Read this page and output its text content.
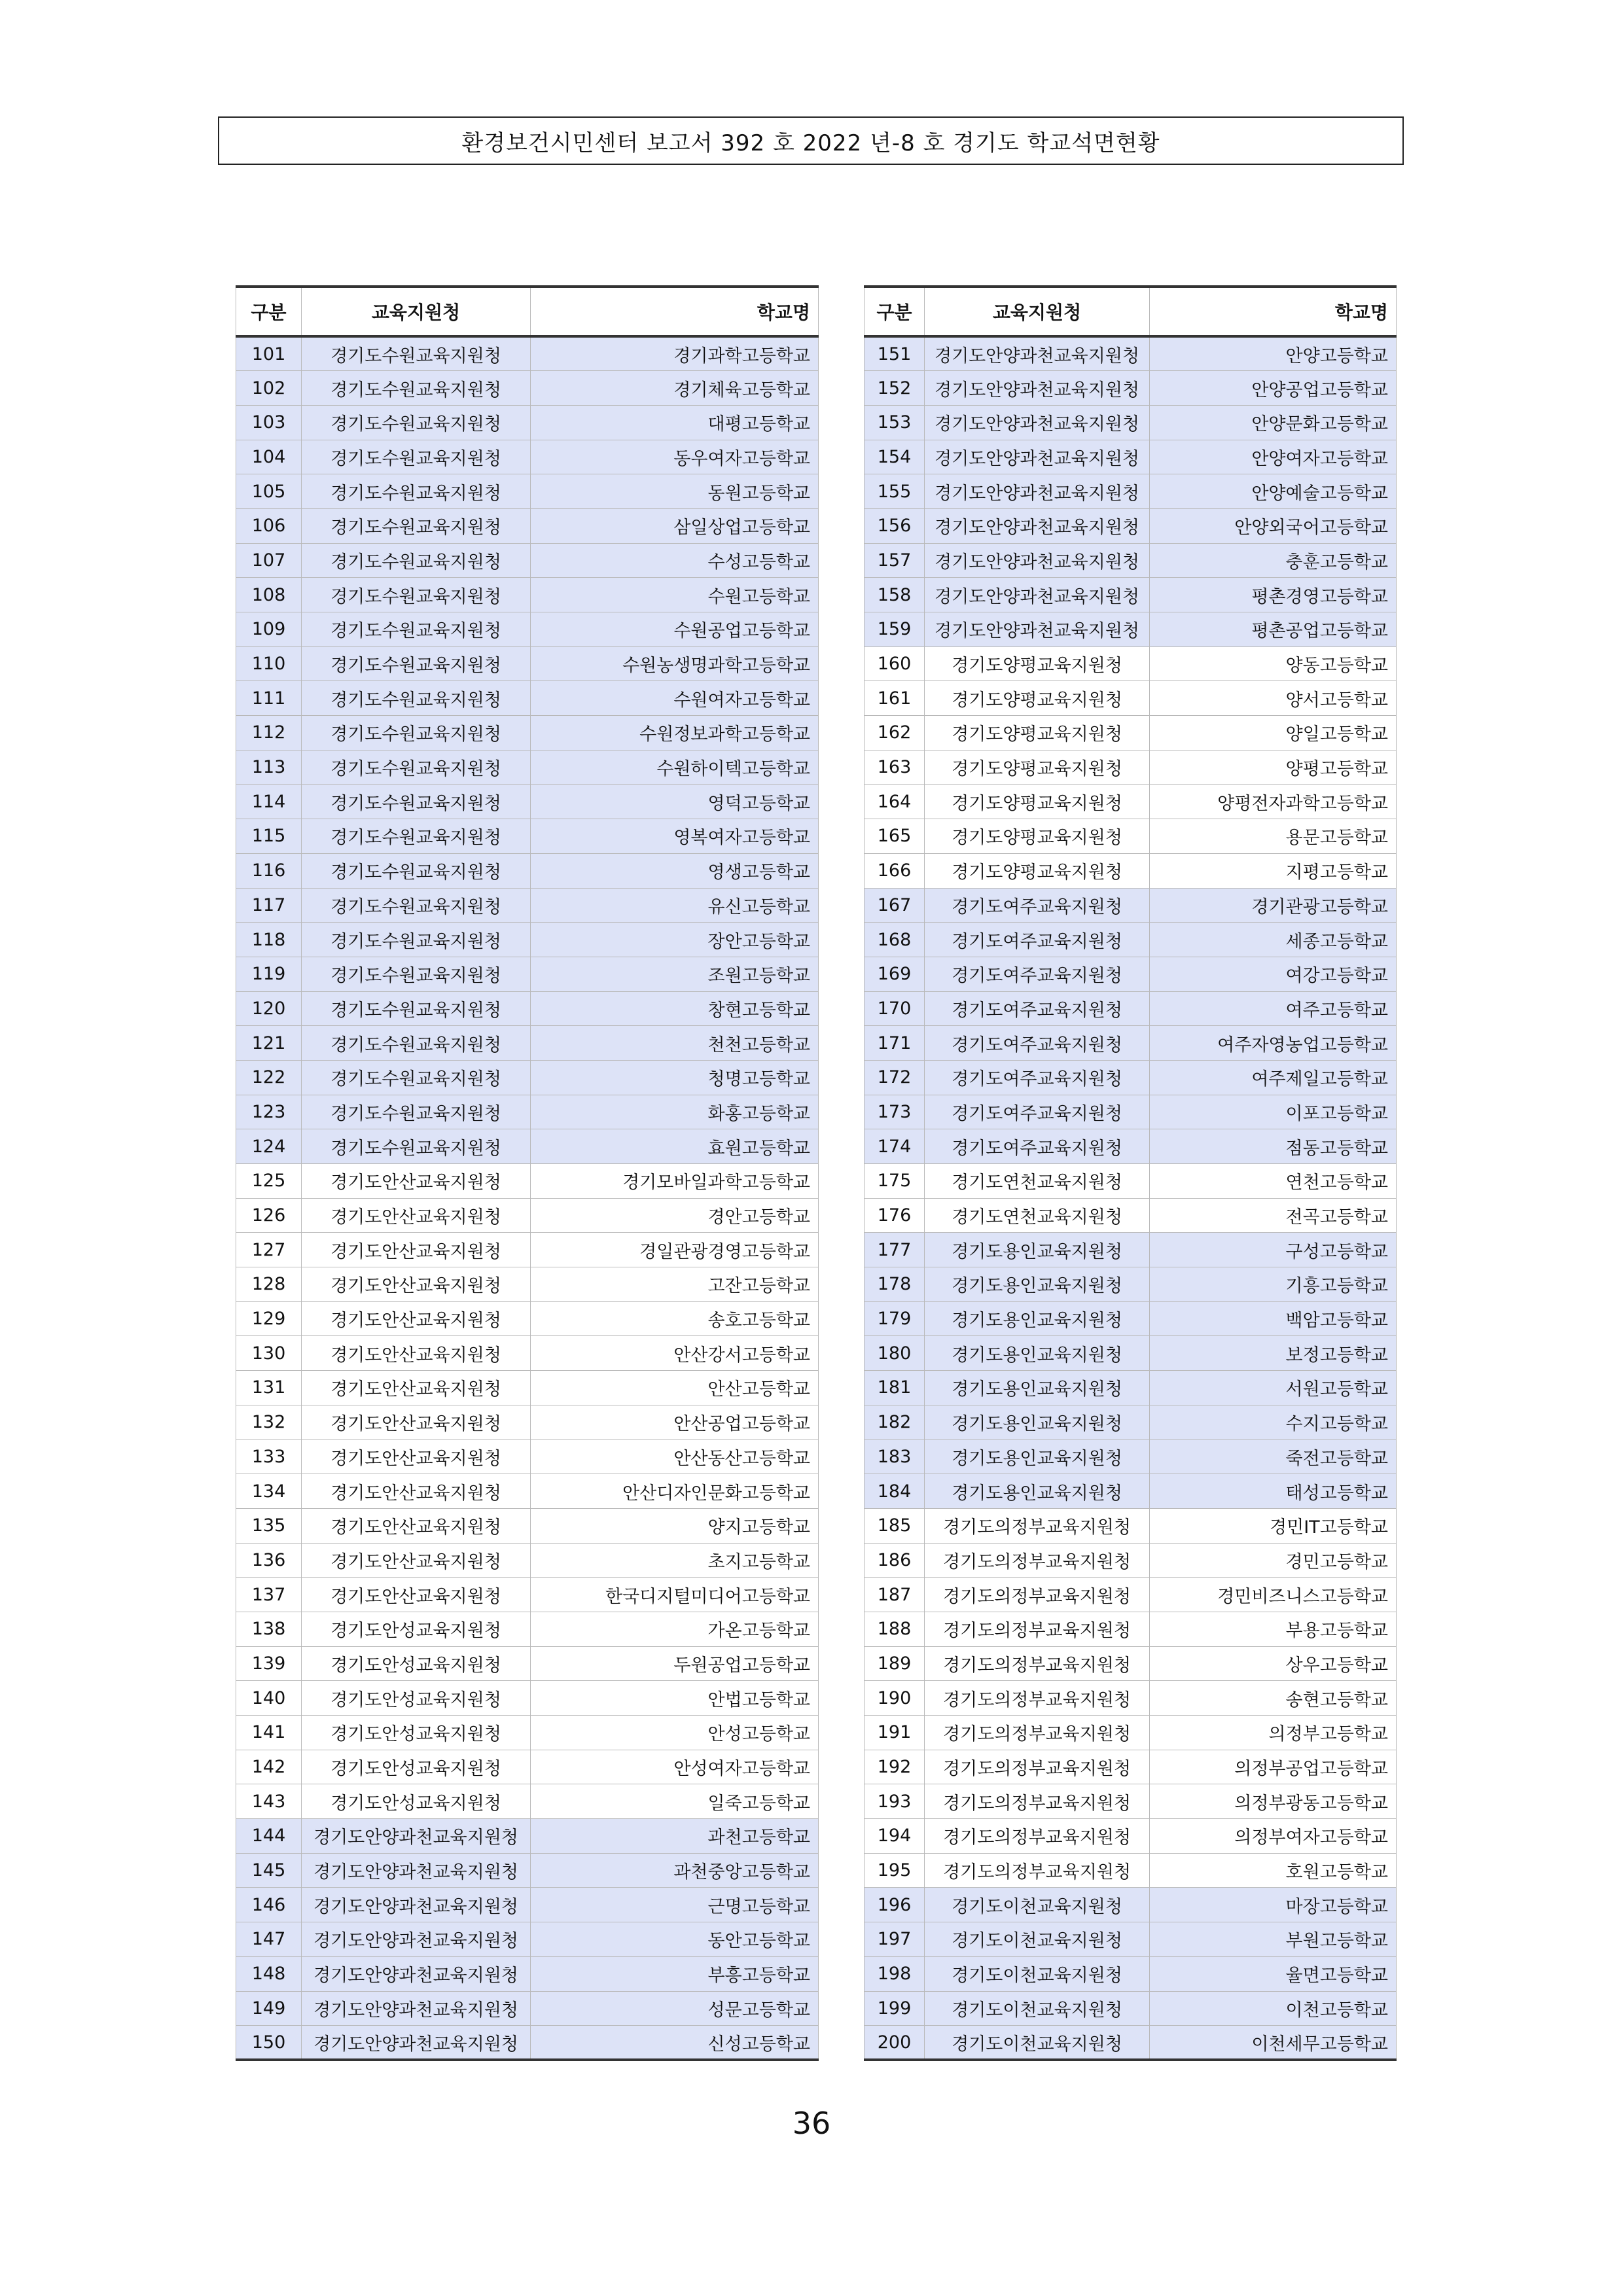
환경보건시민센터 보고서 392 호 2022 년-8 호 경기도 학교석면현황
구분	교육지원청	학교명
101	경기도수원교육지원청	경기과학고등학교
102	경기도수원교육지원청	경기체육고등학교
103	경기도수원교육지원청	대평고등학교
104	경기도수원교육지원청	동우여자고등학교
105	경기도수원교육지원청	동원고등학교
106	경기도수원교육지원청	삼일상업고등학교
107	경기도수원교육지원청	수성고등학교
108	경기도수원교육지원청	수원고등학교
109	경기도수원교육지원청	수원공업고등학교
110	경기도수원교육지원청	수원농생명과학고등학교
111	경기도수원교육지원청	수원여자고등학교
112	경기도수원교육지원청	수원정보과학고등학교
113	경기도수원교육지원청	수원하이텍고등학교
114	경기도수원교육지원청	영덕고등학교
115	경기도수원교육지원청	영복여자고등학교
116	경기도수원교육지원청	영생고등학교
117	경기도수원교육지원청	유신고등학교
118	경기도수원교육지원청	장안고등학교
119	경기도수원교육지원청	조원고등학교
120	경기도수원교육지원청	창현고등학교
121	경기도수원교육지원청	천천고등학교
122	경기도수원교육지원청	청명고등학교
123	경기도수원교육지원청	화홍고등학교
124	경기도수원교육지원청	효원고등학교
125	경기도안산교육지원청	경기모바일과학고등학교
126	경기도안산교육지원청	경안고등학교
127	경기도안산교육지원청	경일관광경영고등학교
128	경기도안산교육지원청	고잔고등학교
129	경기도안산교육지원청	송호고등학교
130	경기도안산교육지원청	안산강서고등학교
131	경기도안산교육지원청	안산고등학교
132	경기도안산교육지원청	안산공업고등학교
133	경기도안산교육지원청	안산동산고등학교
134	경기도안산교육지원청	안산디자인문화고등학교
135	경기도안산교육지원청	양지고등학교
136	경기도안산교육지원청	초지고등학교
137	경기도안산교육지원청	한국디지털미디어고등학교
138	경기도안성교육지원청	가온고등학교
139	경기도안성교육지원청	두원공업고등학교
140	경기도안성교육지원청	안법고등학교
141	경기도안성교육지원청	안성고등학교
142	경기도안성교육지원청	안성여자고등학교
143	경기도안성교육지원청	일죽고등학교
144	경기도안양과천교육지원청	과천고등학교
145	경기도안양과천교육지원청	과천중앙고등학교
146	경기도안양과천교육지원청	근명고등학교
147	경기도안양과천교육지원청	동안고등학교
148	경기도안양과천교육지원청	부흥고등학교
149	경기도안양과천교육지원청	성문고등학교
150	경기도안양과천교육지원청	신성고등학교
구분	교육지원청	학교명
151	경기도안양과천교육지원청	안양고등학교
152	경기도안양과천교육지원청	안양공업고등학교
153	경기도안양과천교육지원청	안양문화고등학교
154	경기도안양과천교육지원청	안양여자고등학교
155	경기도안양과천교육지원청	안양예술고등학교
156	경기도안양과천교육지원청	안양외국어고등학교
157	경기도안양과천교육지원청	충훈고등학교
158	경기도안양과천교육지원청	평촌경영고등학교
159	경기도안양과천교육지원청	평촌공업고등학교
160	경기도양평교육지원청	양동고등학교
161	경기도양평교육지원청	양서고등학교
162	경기도양평교육지원청	양일고등학교
163	경기도양평교육지원청	양평고등학교
164	경기도양평교육지원청	양평전자과학고등학교
165	경기도양평교육지원청	용문고등학교
166	경기도양평교육지원청	지평고등학교
167	경기도여주교육지원청	경기관광고등학교
168	경기도여주교육지원청	세종고등학교
169	경기도여주교육지원청	여강고등학교
170	경기도여주교육지원청	여주고등학교
171	경기도여주교육지원청	여주자영농업고등학교
172	경기도여주교육지원청	여주제일고등학교
173	경기도여주교육지원청	이포고등학교
174	경기도여주교육지원청	점동고등학교
175	경기도연천교육지원청	연천고등학교
176	경기도연천교육지원청	전곡고등학교
177	경기도용인교육지원청	구성고등학교
178	경기도용인교육지원청	기흥고등학교
179	경기도용인교육지원청	백암고등학교
180	경기도용인교육지원청	보정고등학교
181	경기도용인교육지원청	서원고등학교
182	경기도용인교육지원청	수지고등학교
183	경기도용인교육지원청	죽전고등학교
184	경기도용인교육지원청	태성고등학교
185	경기도의정부교육지원청	경민IT고등학교
186	경기도의정부교육지원청	경민고등학교
187	경기도의정부교육지원청	경민비즈니스고등학교
188	경기도의정부교육지원청	부용고등학교
189	경기도의정부교육지원청	상우고등학교
190	경기도의정부교육지원청	송현고등학교
191	경기도의정부교육지원청	의정부고등학교
192	경기도의정부교육지원청	의정부공업고등학교
193	경기도의정부교육지원청	의정부광동고등학교
194	경기도의정부교육지원청	의정부여자고등학교
195	경기도의정부교육지원청	호원고등학교
196	경기도이천교육지원청	마장고등학교
197	경기도이천교육지원청	부원고등학교
198	경기도이천교육지원청	율면고등학교
199	경기도이천교육지원청	이천고등학교
200	경기도이천교육지원청	이천세무고등학교
36
